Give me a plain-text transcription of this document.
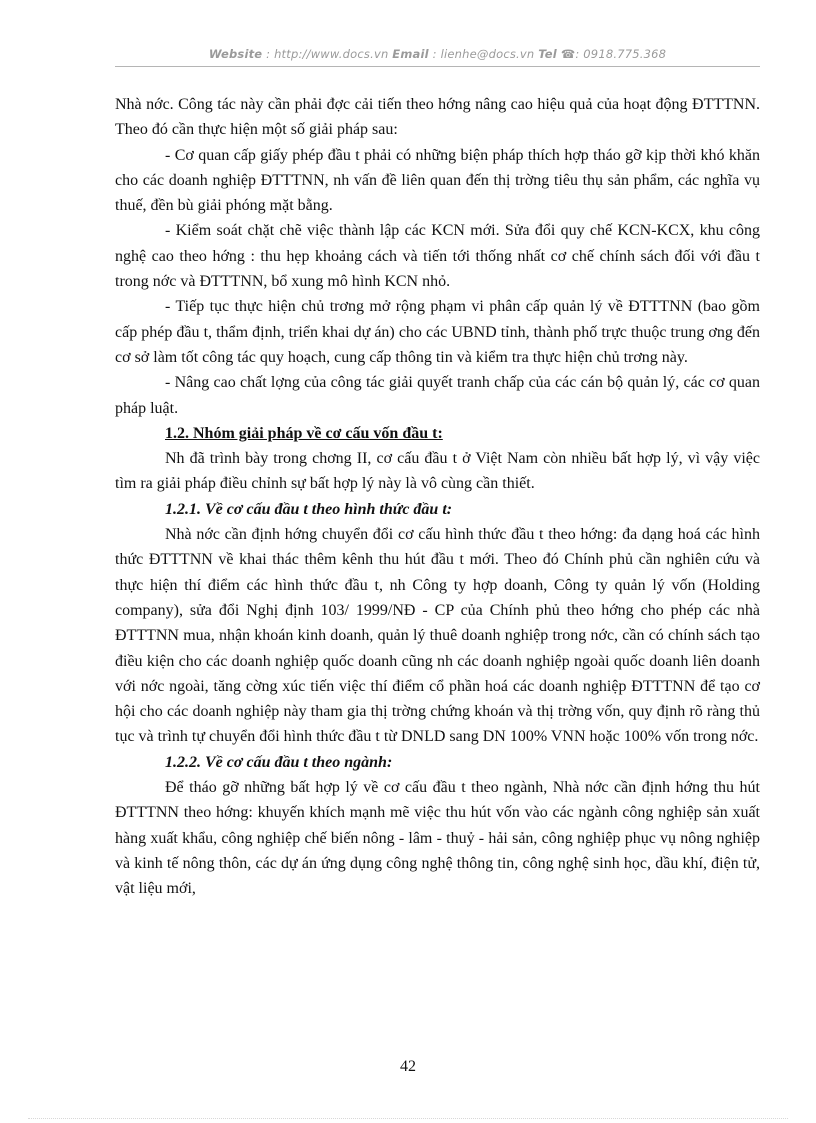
Website : http://www.docs.vn Email : lienhe@docs.vn Tel ☎: 0918.775.368

Nhà nớc. Công tác này cần phải đợc cải tiến theo hớng nâng cao hiệu quả của hoạt động ĐTTTNN. Theo đó cần thực hiện một số giải pháp sau:

- Cơ quan cấp giấy phép đầu t phải có những biện pháp thích hợp tháo gỡ kịp thời khó khăn cho các doanh nghiệp ĐTTTNN, nh vấn đề liên quan đến thị trờng tiêu thụ sản phẩm, các nghĩa vụ thuế, đền bù giải phóng mặt bằng.

- Kiểm soát chặt chẽ việc thành lập các KCN mới. Sửa đổi quy chế KCN-KCX, khu công nghệ cao theo hớng : thu hẹp khoảng cách và tiến tới thống nhất cơ chế chính sách đối với đầu t trong nớc và ĐTTTNN, bổ xung mô hình KCN nhỏ.

- Tiếp tục thực hiện chủ trơng mở rộng phạm vi phân cấp quản lý về ĐTTTNN (bao gồm cấp phép đầu t, thẩm định, triển khai dự án) cho các UBND tỉnh, thành phố trực thuộc trung ơng đến cơ sở làm tốt công tác quy hoạch, cung cấp thông tin và kiểm tra thực hiện chủ trơng này.

- Nâng cao chất lợng của công tác giải quyết tranh chấp của các cán bộ quản lý, các cơ quan pháp luật.

1.2. Nhóm giải pháp về cơ cấu vốn đầu t:

Nh đã trình bày trong chơng II, cơ cấu đầu t ở Việt Nam còn nhiều bất hợp lý, vì vậy việc tìm ra giải pháp điều chỉnh sự bất hợp lý này là vô cùng cần thiết.

1.2.1. Về cơ cấu đầu t theo hình thức đầu t:

Nhà nớc cần định hớng chuyển đổi cơ cấu hình thức đầu t theo hớng: đa dạng hoá các hình thức ĐTTTNN về khai thác thêm kênh thu hút đầu t mới. Theo đó Chính phủ cần nghiên cứu và thực hiện thí điểm các hình thức đầu t, nh Công ty hợp doanh, Công ty quản lý vốn (Holding company), sửa đổi Nghị định 103/ 1999/NĐ - CP của Chính phủ theo hớng cho phép các nhà ĐTTTNN mua, nhận khoán kinh doanh, quản lý thuê doanh nghiệp trong nớc, cần có chính sách tạo điều kiện cho các doanh nghiệp quốc doanh cũng nh các doanh nghiệp ngoài quốc doanh liên doanh với nớc ngoài, tăng cờng xúc tiến việc thí điểm cổ phần hoá các doanh nghiệp ĐTTTNN để tạo cơ hội cho các doanh nghiệp này tham gia thị trờng chứng khoán và thị trờng vốn, quy định rõ ràng thủ tục và trình tự chuyển đổi hình thức đầu t từ DNLD sang DN 100% VNN hoặc 100% vốn trong nớc.

1.2.2. Về cơ cấu đầu t theo ngành:

Để tháo gỡ những bất hợp lý về cơ cấu đầu t theo ngành, Nhà nớc cần định hớng thu hút ĐTTTNN theo hớng: khuyến khích mạnh mẽ việc thu hút vốn vào các ngành công nghiệp sản xuất hàng xuất khẩu, công nghiệp chế biến nông - lâm - thuỷ - hải sản, công nghiệp phục vụ nông nghiệp và kinh tế nông thôn, các dự án ứng dụng công nghệ thông tin, công nghệ sinh học, dầu khí, điện tử, vật liệu mới,

42
